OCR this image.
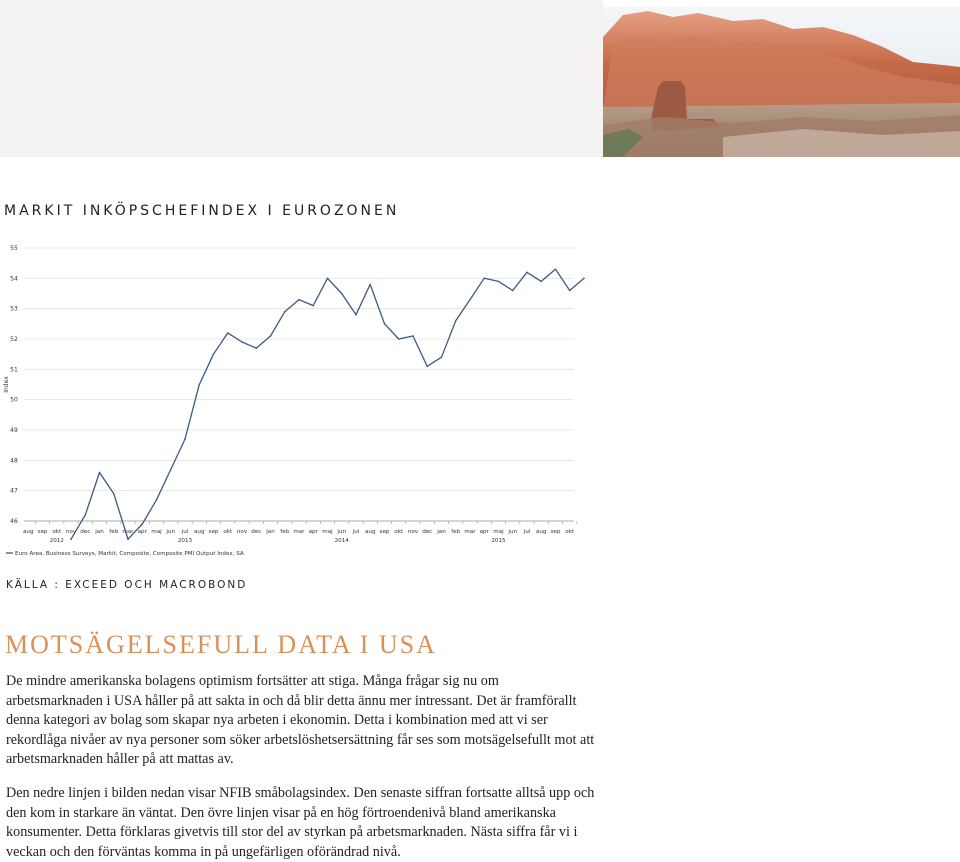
MARKIT INKÖPSCHEFINDEX I EUROZONEN
46
47
48
49
50
51
52
53
54
55
Index
aug sep okt nov dec jan feb mar apr maj jun jul aug sep okt nov dec jan feb mar apr maj jun jul aug sep okt nov dec jan feb mar apr maj jun jul aug sep okt
2012	2013	2014	2015
Euro Area, Business Surveys, Markit, Composite, Composite PMI Output Index, SA
KÄLLA : EXCEED OCH MACROBOND
MOTSÄGELSEFULL DATA I USA

De mindre amerikanska bolagens optimism fortsätter att stiga. Många frågar sig nu om arbetsmarknaden i USA håller på att sakta in och då blir detta ännu mer intressant. Det är framförallt denna kategori av bolag som skapar nya arbeten i ekonomin. Detta i kombination med att vi ser rekordlåga nivåer av nya personer som söker arbetslöshetsersättning får ses som motsägelsefullt mot att arbetsmarknaden håller på att mattas av.

Den nedre linjen i bilden nedan visar NFIB småbolagsindex. Den senaste siffran fortsatte alltså upp och den kom in starkare än väntat. Den övre linjen visar på en hög förtroendenivå bland amerikanska konsumenter. Detta förklaras givetvis till stor del av styrkan på arbetsmarknaden. Nästa siffra får vi i veckan och den förväntas komma in på ungefärligen oförändrad nivå.
